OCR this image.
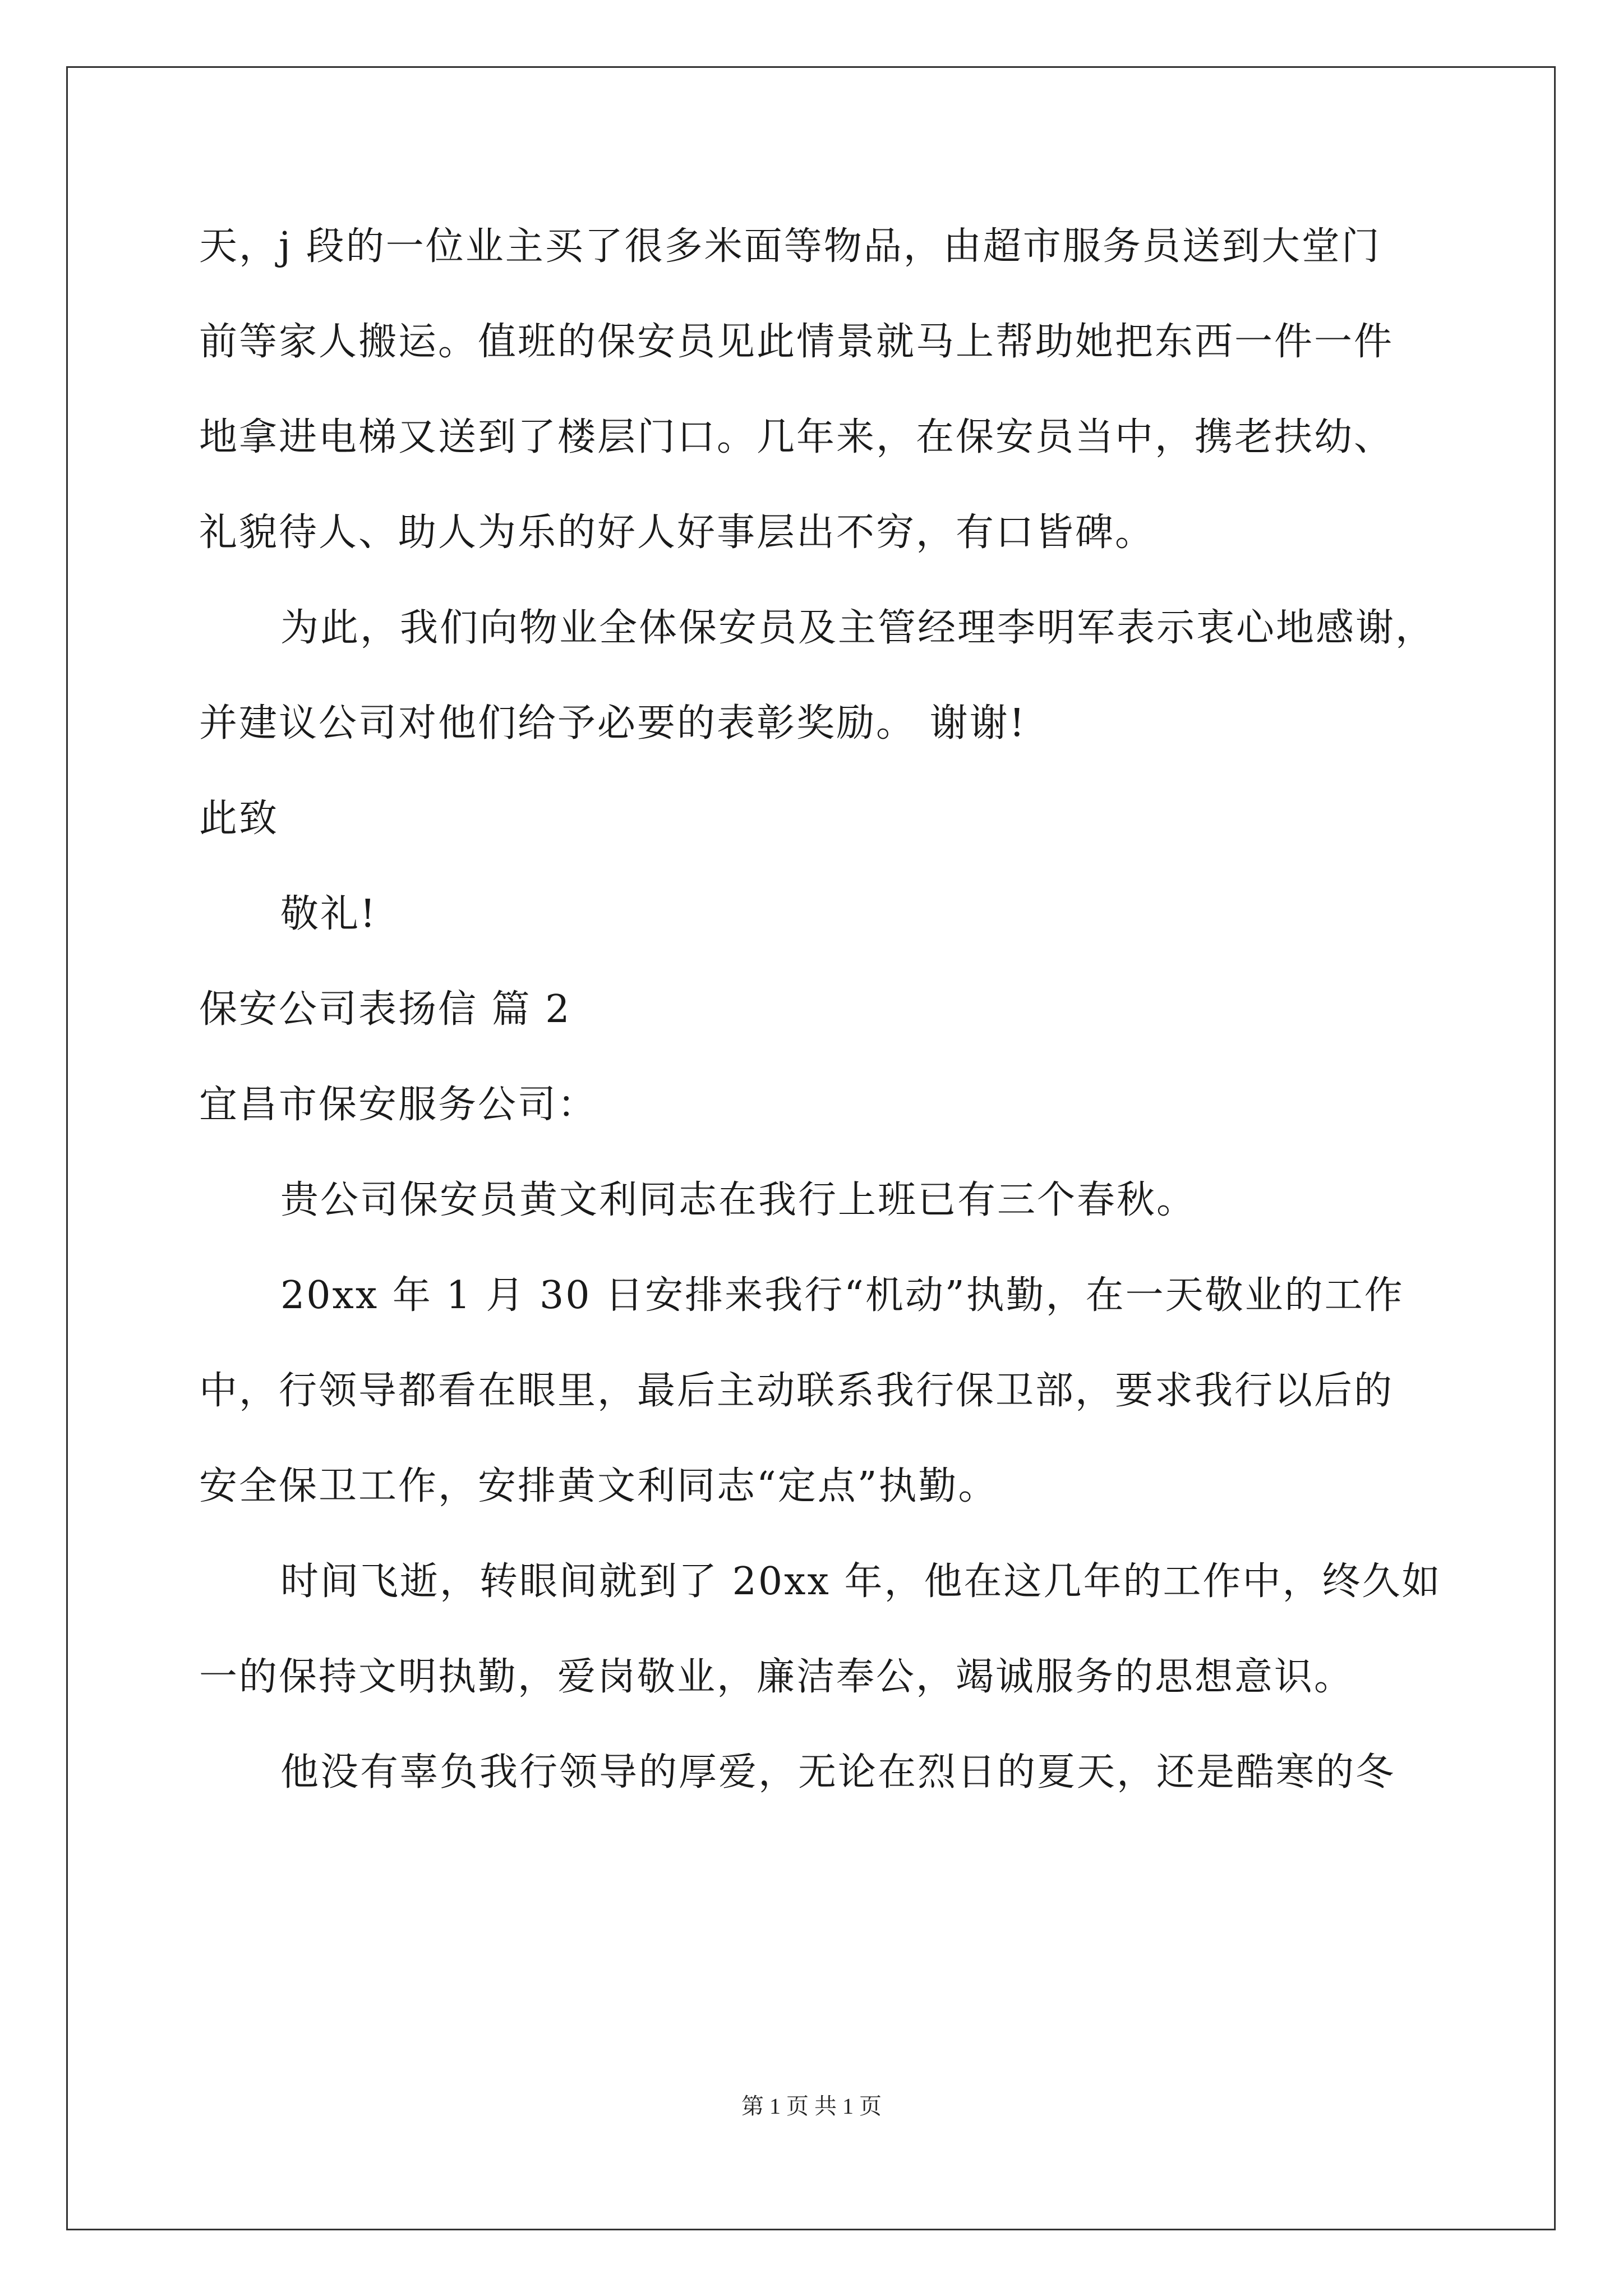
天，j 段的一位业主买了很多米面等物品，由超市服务员送到大堂门
前等家人搬运。值班的保安员见此情景就马上帮助她把东西一件一件
地拿进电梯又送到了楼层门口。几年来，在保安员当中，携老扶幼、
礼貌待人、助人为乐的好人好事层出不穷，有口皆碑。
为此，我们向物业全体保安员及主管经理李明军表示衷心地感谢，
并建议公司对他们给予必要的表彰奖励。 谢谢!
此致
敬礼!
保安公司表扬信 篇 2
宜昌市保安服务公司：
贵公司保安员黄文利同志在我行上班已有三个春秋。
20xx 年 1 月 30 日安排来我行“机动”执勤，在一天敬业的工作
中，行领导都看在眼里，最后主动联系我行保卫部，要求我行以后的
安全保卫工作，安排黄文利同志“定点”执勤。
时间飞逝，转眼间就到了 20xx 年，他在这几年的工作中，终久如
一的保持文明执勤，爱岗敬业，廉洁奉公，竭诚服务的思想意识。
他没有辜负我行领导的厚爱，无论在烈日的夏天，还是酷寒的冬
第 1 页 共 1 页
